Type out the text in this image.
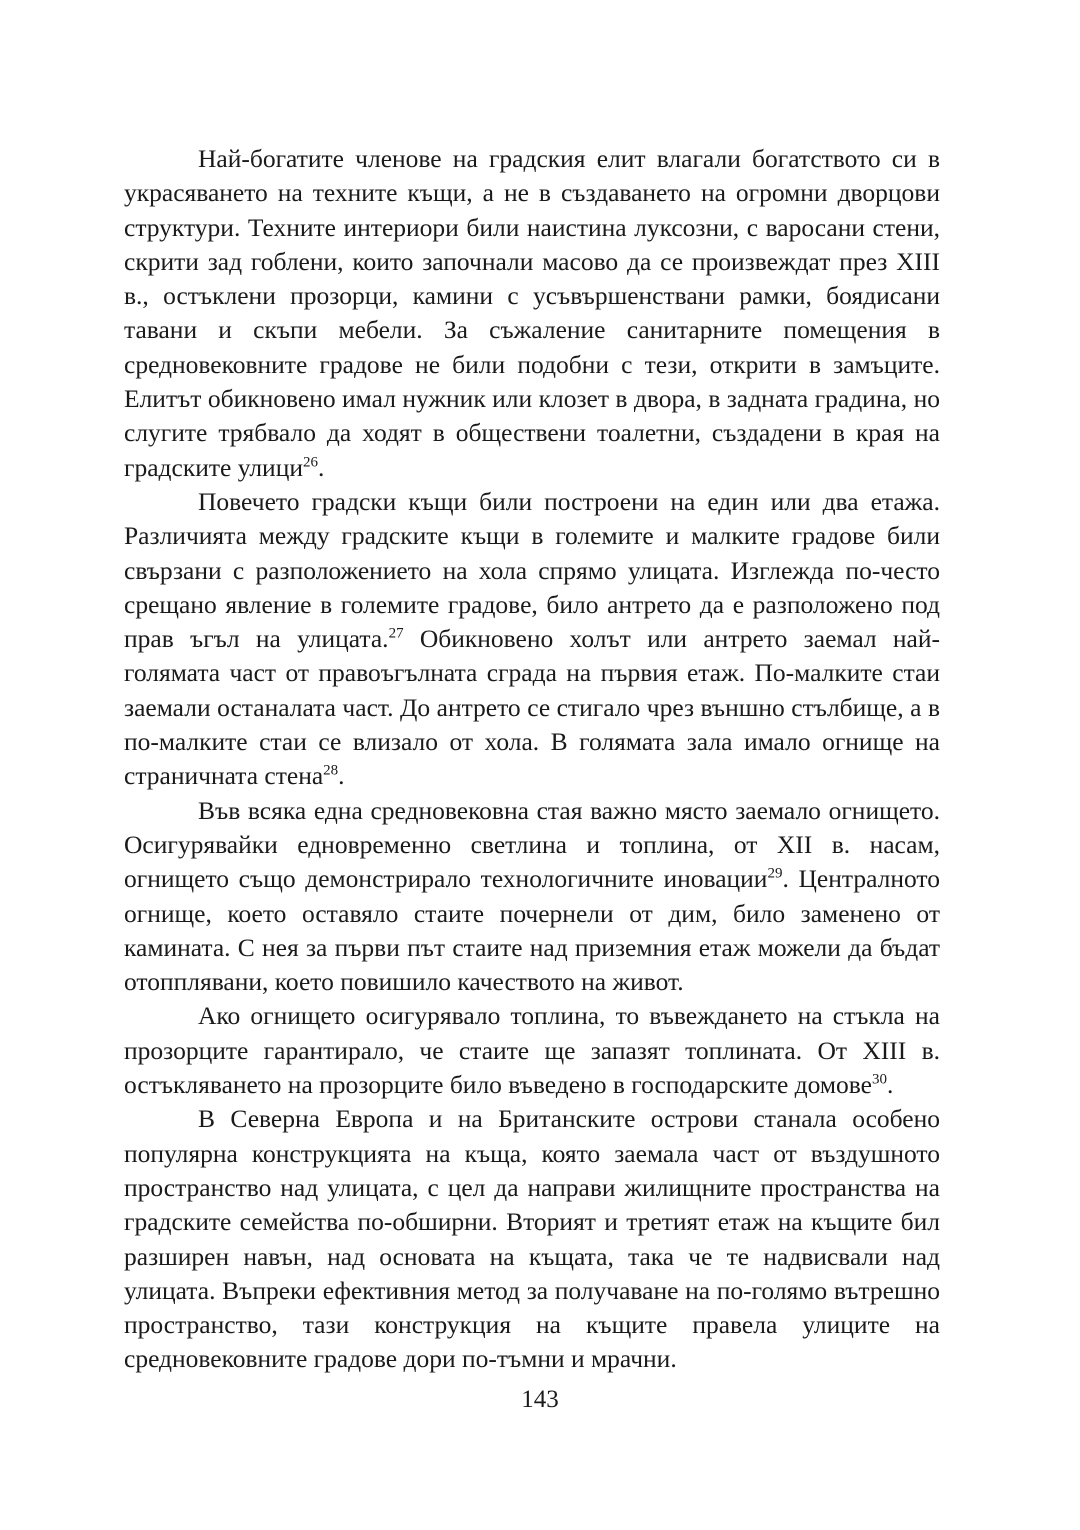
Най-богатите членове на градския елит влагали богатството си в украсяването на техните къщи, а не в създаването на огромни дворцови структури. Техните интериори били наистина луксозни, с варосани стени, скрити зад гоблени, които започнали масово да се произвеждат през XIII в., остъклени прозорци, камини с усъвършенствани рамки, боядисани тавани и скъпи мебели. За съжаление санитарните помещения в средновековните градове не били подобни с тези, открити в замъците. Елитът обикновено имал нужник или клозет в двора, в задната градина, но слугите трябвало да ходят в обществени тоалетни, създадени в края на градските улици$^{26}$.

Повечето градски къщи били построени на един или два етажа. Различията между градските къщи в големите и малките градове били свързани с разположението на хола спрямо улицата. Изглежда по-често срещано явление в големите градове, било антрето да е разположено под прав ъгъл на улицата.$^{27}$ Обикновено холът или антрето заемал най-голямата част от правоъгълната сграда на първия етаж. По-малките стаи заемали останалата част. До антрето се стигало чрез външно стълбище, а в по-малките стаи се влизало от хола. В голямата зала имало огнище на страничната стена$^{28}$.

Във всяка една средновековна стая важно място заемало огнището. Осигурявайки едновременно светлина и топлина, от XII в. насам, огнището също демонстрирало технологичните иновации$^{29}$. Централното огнище, което оставяло стаите почернели от дим, било заменено от камината. С нея за първи път стаите над приземния етаж можели да бъдат отопплявани, което повишило качеството на живот.

Ако огнището осигурявало топлина, то въвеждането на стъкла на прозорците гарантирало, че стаите ще запазят топлината. От XIII в. остъкляването на прозорците било въведено в господарските домове$^{30}$.

В Северна Европа и на Британските острови станала особено популярна конструкцията на къща, която заемала част от въздушното пространство над улицата, с цел да направи жилищните пространства на градските семейства по-обширни. Вторият и третият етаж на къщите бил разширен навън, над основата на къщата, така че те надвисвали над улицата. Въпреки ефективния метод за получаване на по-голямо вътрешно пространство, тази конструкция на къщите правела улиците на средновековните градове дори по-тъмни и мрачни.

143
